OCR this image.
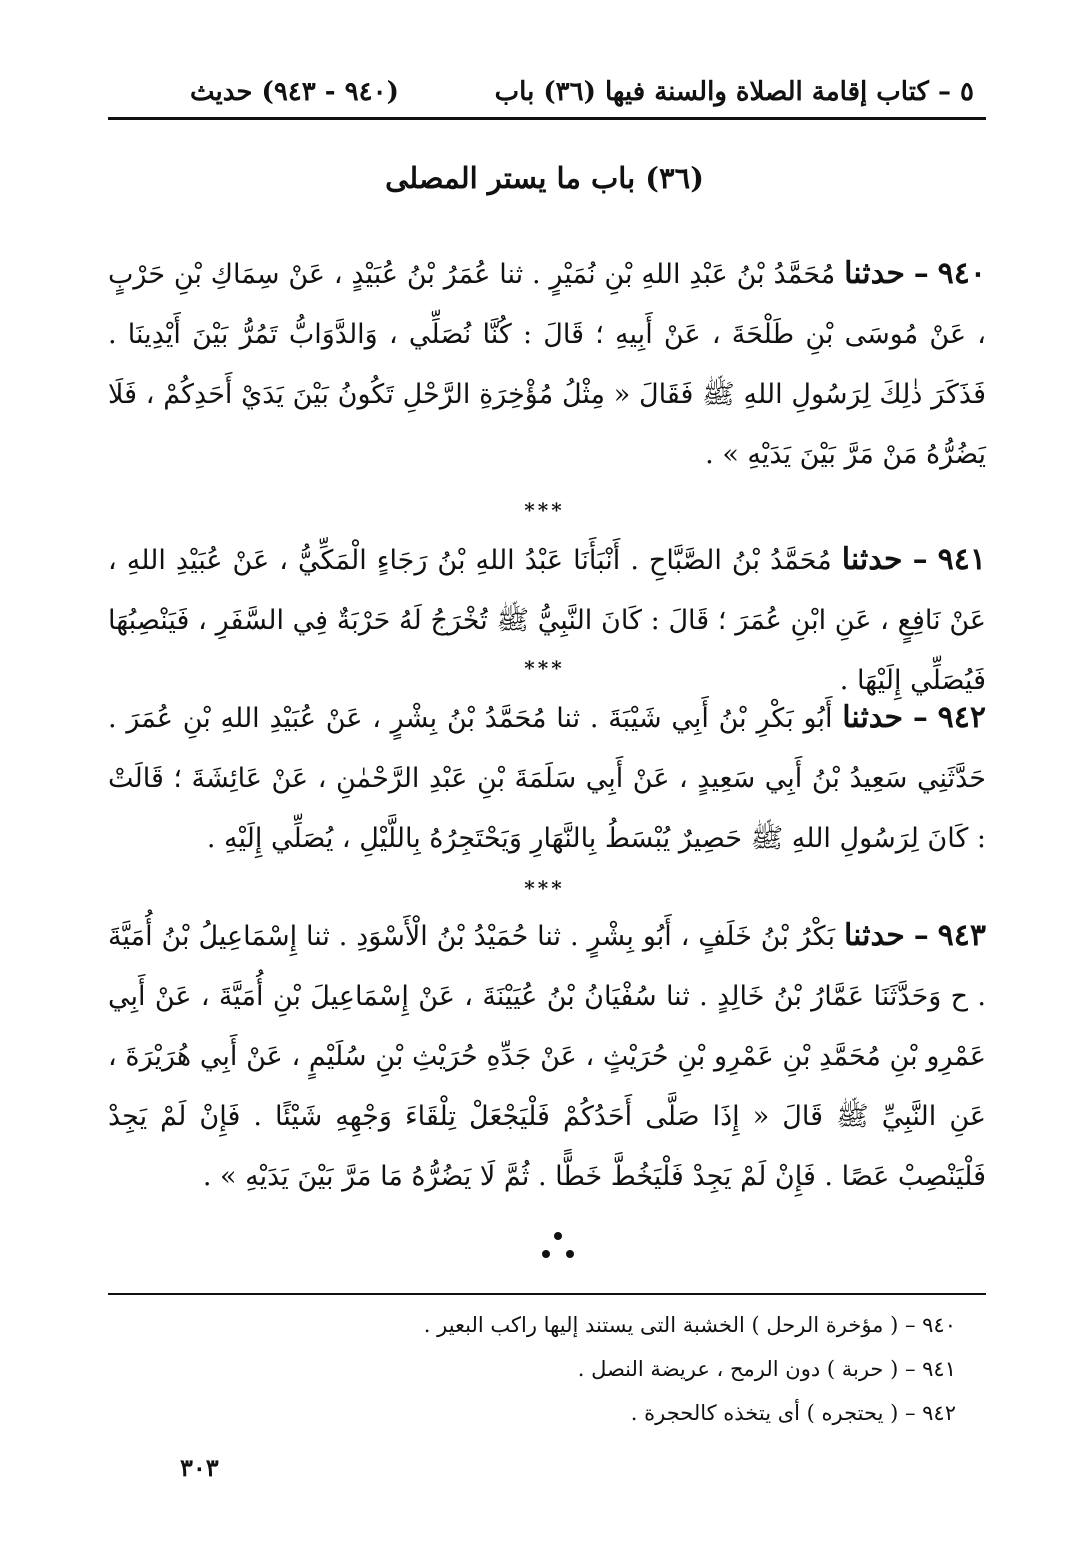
٥ – كتاب إقامة الصلاة والسنة فيها (٣٦) باب
(٩٤٠ - ٩٤٣) حديث
(٣٦) باب ما يستر المصلى

٩٤٠ – حدثنا مُحَمَّدُ بْنُ عَبْدِ اللهِ بْنِ نُمَيْرٍ . ثنا عُمَرُ بْنُ عُبَيْدٍ ، عَنْ سِمَاكِ بْنِ حَرْبٍ ، عَنْ مُوسَى بْنِ طَلْحَةَ ، عَنْ أَبِيهِ ؛ قَالَ : كُنَّا نُصَلِّي ، وَالدَّوَابُّ تَمُرُّ بَيْنَ أَيْدِينَا . فَذَكَرَ ذٰلِكَ لِرَسُولِ اللهِ ﷺ فَقَالَ « مِثْلُ مُؤْخِرَةِ الرَّحْلِ تَكُونُ بَيْنَ يَدَيْ أَحَدِكُمْ ، فَلَا يَضُرُّهُ مَنْ مَرَّ بَيْنَ يَدَيْهِ » .

***

٩٤١ – حدثنا مُحَمَّدُ بْنُ الصَّبَّاحِ . أَنْبَأَنَا عَبْدُ اللهِ بْنُ رَجَاءٍ الْمَكِّيُّ ، عَنْ عُبَيْدِ اللهِ ، عَنْ نَافِعٍ ، عَنِ ابْنِ عُمَرَ ؛ قَالَ : كَانَ النَّبِيُّ ﷺ تُخْرَجُ لَهُ حَرْبَةٌ فِي السَّفَرِ ، فَيَنْصِبُهَا فَيُصَلِّي إِلَيْهَا .

***

٩٤٢ – حدثنا أَبُو بَكْرِ بْنُ أَبِي شَيْبَةَ . ثنا مُحَمَّدُ بْنُ بِشْرٍ ، عَنْ عُبَيْدِ اللهِ بْنِ عُمَرَ . حَدَّثَنِي سَعِيدُ بْنُ أَبِي سَعِيدٍ ، عَنْ أَبِي سَلَمَةَ بْنِ عَبْدِ الرَّحْمٰنِ ، عَنْ عَائِشَةَ ؛ قَالَتْ : كَانَ لِرَسُولِ اللهِ ﷺ حَصِيرٌ يُبْسَطُ بِالنَّهَارِ وَيَحْتَجِرُهُ بِاللَّيْلِ ، يُصَلِّي إِلَيْهِ .

***

٩٤٣ – حدثنا بَكْرُ بْنُ خَلَفٍ ، أَبُو بِشْرٍ . ثنا حُمَيْدُ بْنُ الْأَسْوَدِ . ثنا إِسْمَاعِيلُ بْنُ أُمَيَّةَ . ح وَحَدَّثَنَا عَمَّارُ بْنُ خَالِدٍ . ثنا سُفْيَانُ بْنُ عُيَيْنَةَ ، عَنْ إِسْمَاعِيلَ بْنِ أُمَيَّةَ ، عَنْ أَبِي عَمْرِو بْنِ مُحَمَّدِ بْنِ عَمْرِو بْنِ حُرَيْثٍ ، عَنْ جَدِّهِ حُرَيْثِ بْنِ سُلَيْمٍ ، عَنْ أَبِي هُرَيْرَةَ ، عَنِ النَّبِيِّ ﷺ قَالَ « إِذَا صَلَّى أَحَدُكُمْ فَلْيَجْعَلْ تِلْقَاءَ وَجْهِهِ شَيْئًا . فَإِنْ لَمْ يَجِدْ فَلْيَنْصِبْ عَصًا . فَإِنْ لَمْ يَجِدْ فَلْيَخُطَّ خَطًّا . ثُمَّ لَا يَضُرُّهُ مَا مَرَّ بَيْنَ يَدَيْهِ » .

٩٤٠ – ( مؤخرة الرحل ) الخشبة التى يستند إليها راكب البعير .
٩٤١ – ( حربة ) دون الرمح ، عريضة النصل .
٩٤٢ – ( يحتجره ) أى يتخذه كالحجرة .
٣٠٣
